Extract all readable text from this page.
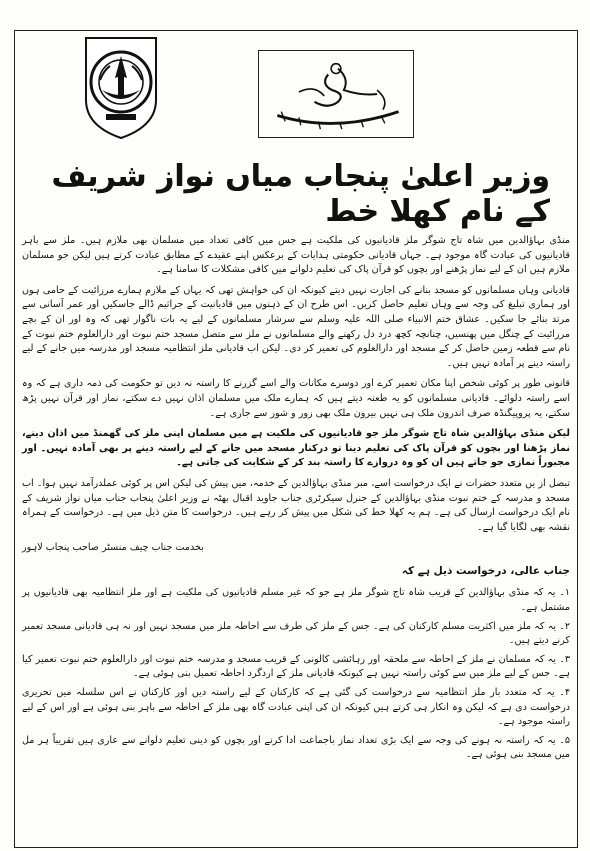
وزیر اعلیٰ پنجاب میاں نواز شریف کے نام کھلا خط

منڈی بہاؤالدین میں شاہ تاج شوگر ملز قادیانیوں کی ملکیت ہے جس میں کافی تعداد میں مسلمان بھی ملازم ہیں۔ ملز سے باہر قادیانیوں کی عبادت گاہ موجود ہے۔ جہاں قادیانی حکومتی ہدایات کے برعکس اپنے عقیدے کے مطابق عبادت کرتے ہیں لیکن جو مسلمان ملازم ہیں ان کے لیے نماز پڑھنے اور بچوں کو قرآن پاک کی تعلیم دلوانے میں کافی مشکلات کا سامنا ہے۔

قادیانی وہاں مسلمانوں کو مسجد بنانے کی اجازت نہیں دیتے کیونکہ ان کی خواہش تھی کہ یہاں کے ملازم ہمارے مرزائیت کے حامی ہوں اور ہماری تبلیغ کی وجہ سے وہاں تعلیم حاصل کریں۔ اس طرح ان کے ذہنوں میں قادیانیت کے جراثیم ڈالے جاسکیں اور عمر آسانی سے مرتد بنائے جا سکیں۔ عشاق ختم الانبیاء صلی اللہ علیہ وسلم سے سرشار مسلمانوں کے لیے یہ بات ناگوار تھی کہ وہ اور ان کے بچے مرزائیت کے چنگل میں پھنسیں، چنانچہ کچھ درد دل رکھنے والے مسلمانوں نے ملز سے متصل مسجد ختم نبوت اور دارالعلوم ختم نبوت کے نام سے قطعہ زمین حاصل کر کے مسجد اور دارالعلوم کی تعمیر کر دی۔ لیکن اب قادیانی ملز انتظامیہ مسجد اور مدرسہ میں جانے کے لیے راستہ دینے پر آمادہ نہیں ہیں۔

قانونی طور پر کوئی شخص اپنا مکان تعمیر کرے اور دوسرے مکانات والے اسے گزرنے کا راستہ نہ دیں تو حکومت کی ذمہ داری ہے کہ وہ اسے راستہ دلوائے۔ قادیانی مسلمانوں کو یہ طعنہ دیتے ہیں کہ ہمارے ملک میں مسلمان اذان نہیں دے سکتے، نماز اور قرآن نہیں پڑھ سکتے، یہ پروپیگنڈہ صرف اندرون ملک ہی نہیں بیرون ملک بھی زور و شور سے جاری ہے۔

لیکن منڈی بہاؤالدین شاہ تاج شوگر ملز جو قادیانیوں کی ملکیت ہے میں مسلمان اپنی ملز کی گھمنڈ میں اذان دینے، نماز پڑھنا اور بچوں کو قرآن پاک کی تعلیم دینا تو درکنار مسجد میں جانے کے لیے راستہ دینے پر بھی آمادہ نہیں۔ اور مجبوراً نمازی جو جاتے ہیں ان کو وہ دروازے کا راستہ بند کر کے شکایت کی جاتی ہے۔

تبصل از یں متعدد حضرات نے ایک درخواست اسے، مبر منڈی بہاؤالدین کے خدمہ، میں پیش کی لیکن اس پر کوئی عملدرآمد نہیں ہوا۔ اب مسجد و مدرسہ کے ختم نبوت منڈی بہاؤالدین کے جنرل سیکرٹری جناب جاوید اقبال بھٹہ نے وزیر اعلیٰ پنجاب جناب میاں نواز شریف کے نام ایک درخواست ارسال کی ہے۔ ہم یہ کھلا خط کی شکل میں پیش کر رہے ہیں۔ درخواست کا متن ذیل میں ہے۔ درخواست کے ہمراہ نقشہ بھی لگایا گیا ہے۔

بخدمت جناب چیف منسٹر صاحب پنجاب لاہور

جناب عالی، درخواست ذیل ہے کہ

۱۔ یہ کہ منڈی بہاؤالدین کے قریب شاہ تاج شوگر ملز ہے جو کہ غیر مسلم قادیانیوں کی ملکیت ہے اور ملز انتظامیہ بھی قادیانیوں پر مشتمل ہے۔

۲۔ یہ کہ ملز میں اکثریت مسلم کارکنان کی ہے۔ جس کے ملز کی طرف سے احاطہ ملز میں مسجد نہیں اور نہ ہی قادیانی مسجد تعمیر کرنے دیتے ہیں۔

۳۔ یہ کہ مسلمان نے ملز کے احاطہ سے ملحقہ اور رہائشی کالونی کے قریب مسجد و مدرسہ ختم نبوت اور دارالعلوم ختم نبوت تعمیر کیا ہے۔ جس کے لیے ملز میں سے کوئی راستہ نہیں ہے کیونکہ قادیانی ملز کے اردگرد احاطہ تعمیل بنی ہوئی ہے۔

۴۔ یہ کہ متعدد بار ملز انتظامیہ سے درخواست کی گئی ہے کہ کارکنان کے لیے راستہ دیں اور کارکنان نے اس سلسلہ میں تحریری درخواست دی ہے کہ لیکن وہ انکار ہی کرتے ہیں کیونکہ ان کی اپنی عبادت گاہ بھی ملز کے احاطہ سے باہر بنی ہوئی ہے اور اس کے لیے راستہ موجود ہے۔

۵۔ یہ کہ راستہ نہ ہونے کی وجہ سے ایک بڑی تعداد نماز باجماعت ادا کرنے اور بچوں کو دینی تعلیم دلوانے سے عاری ہیں تقریباً ہر مل میں مسجد بنی ہوئی ہے۔
